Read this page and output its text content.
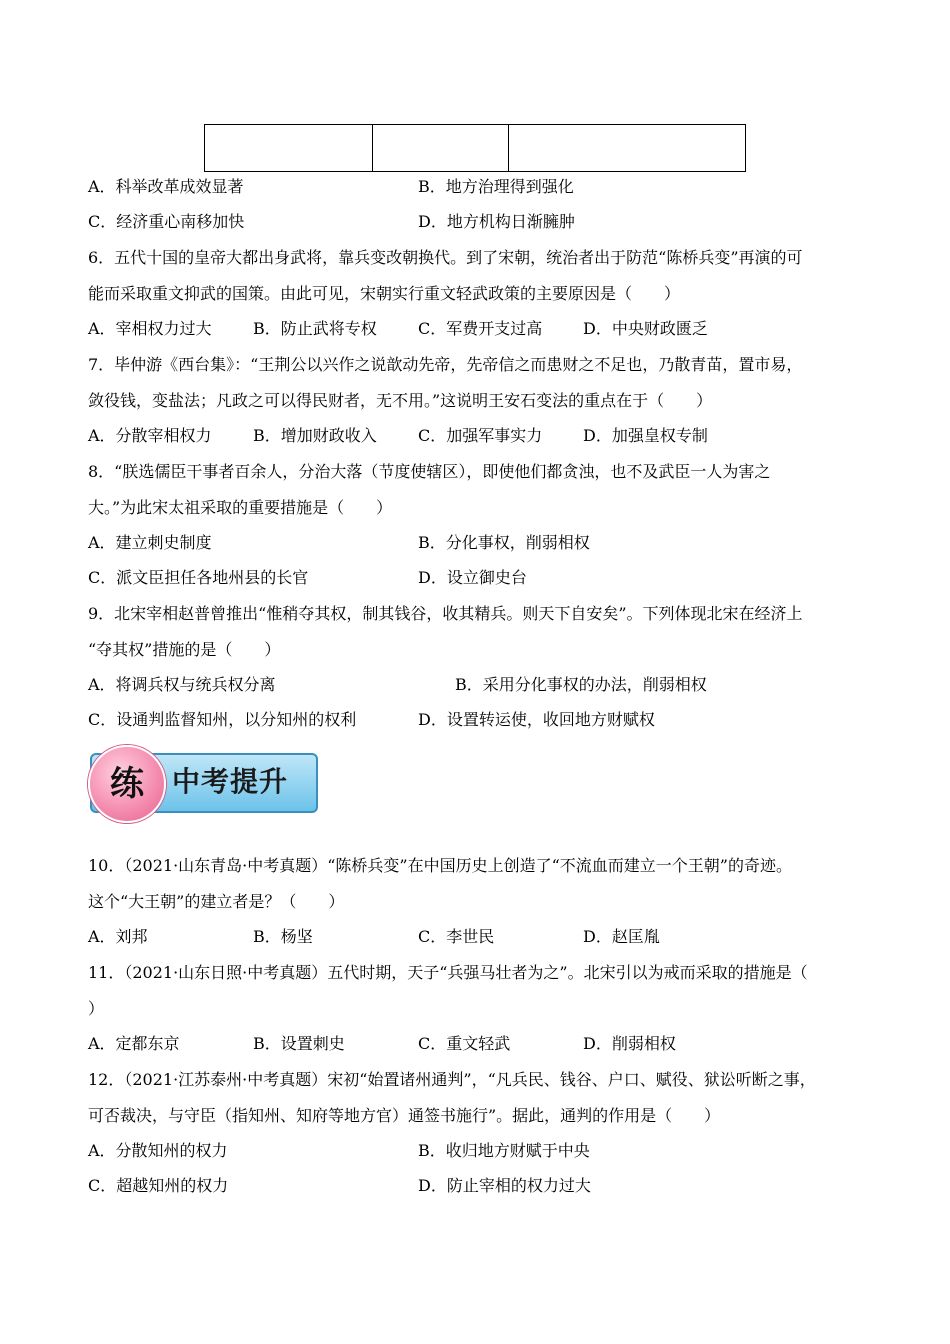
A．科举改革成效显著	B．地方治理得到强化
C．经济重心南移加快	D．地方机构日渐臃肿
6．五代十国的皇帝大都出身武将，靠兵变改朝换代。到了宋朝，统治者出于防范“陈桥兵变”再演的可
能而采取重文抑武的国策。由此可见，宋朝实行重文轻武政策的主要原因是（　　）
A．宰相权力过大	B．防止武将专权	C．军费开支过高	D．中央财政匮乏
7．毕仲游《西台集》：“王荆公以兴作之说歆动先帝，先帝信之而患财之不足也，乃散青苗，置市易，
敛役钱，变盐法；凡政之可以得民财者，无不用。”这说明王安石变法的重点在于（　　）
A．分散宰相权力	B．增加财政收入	C．加强军事实力	D．加强皇权专制
8．“朕选儒臣干事者百余人，分治大落（节度使辖区），即使他们都贪浊，也不及武臣一人为害之
大。”为此宋太祖采取的重要措施是（　　）
A．建立刺史制度	B．分化事权，削弱相权
C．派文臣担任各地州县的长官	D．设立御史台
9．北宋宰相赵普曾推出“惟稍夺其权，制其钱谷，收其精兵。则天下自安矣”。下列体现北宋在经济上
“夺其权”措施的是（　　）
A．将调兵权与统兵权分离	B．采用分化事权的办法，削弱相权
C．设通判监督知州，以分知州的权利	D．设置转运使，收回地方财赋权
中考提升
练
10．（2021·山东青岛·中考真题）“陈桥兵变”在中国历史上创造了“不流血而建立一个王朝”的奇迹。
这个“大王朝”的建立者是？（　　）
A．刘邦	B．杨坚	C．李世民	D．赵匡胤
11．（2021·山东日照·中考真题）五代时期，天子“兵强马壮者为之”。北宋引以为戒而采取的措施是（
）
A．定都东京	B．设置刺史	C．重文轻武	D．削弱相权
12．（2021·江苏泰州·中考真题）宋初“始置诸州通判”，“凡兵民、钱谷、户口、赋役、狱讼听断之事，
可否裁决，与守臣（指知州、知府等地方官）通签书施行”。据此，通判的作用是（　　）
A．分散知州的权力	B．收归地方财赋于中央
C．超越知州的权力	D．防止宰相的权力过大
